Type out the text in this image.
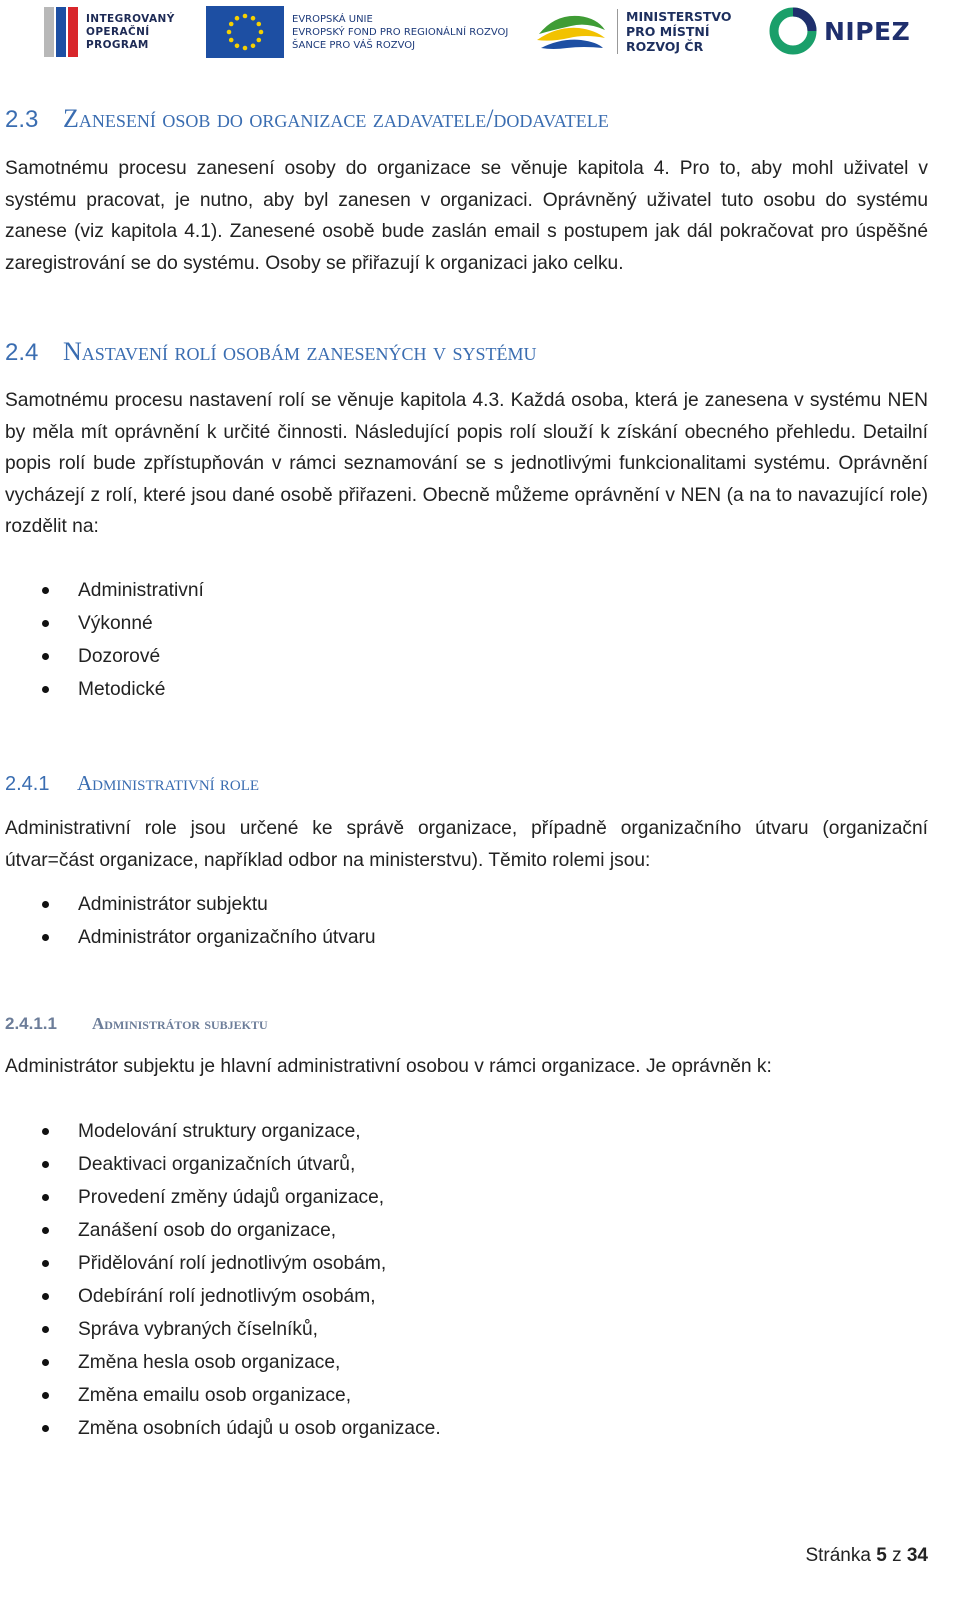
INTEGROVANÝ
OPERAČNÍ
PROGRAM
EVROPSKÁ UNIE
EVROPSKÝ FOND PRO REGIONÁLNÍ ROZVOJ
ŠANCE PRO VÁŠ ROZVOJ
MINISTERSTVO
PRO MÍSTNÍ
ROZVOJ ČR
NIPEZ
2.3 Zanesení osob do organizace zadavatele/dodavatele
Samotnému procesu zanesení osoby do organizace se věnuje kapitola 4. Pro to, aby mohl uživatel v systému pracovat, je nutno, aby byl zanesen v organizaci. Oprávněný uživatel tuto osobu do systému zanese (viz kapitola 4.1). Zanesené osobě bude zaslán email s postupem jak dál pokračovat pro úspěšné zaregistrování se do systému. Osoby se přiřazují k organizaci jako celku.
2.4 Nastavení rolí osobám zanesených v systému
Samotnému procesu nastavení rolí se věnuje kapitola 4.3. Každá osoba, která je zanesena v systému NEN by měla mít oprávnění k určité činnosti. Následující popis rolí slouží k získání obecného přehledu. Detailní popis rolí bude zpřístupňován v rámci seznamování se s jednotlivými funkcionalitami systému. Oprávnění vycházejí z rolí, které jsou dané osobě přiřazeni. Obecně můžeme oprávnění v NEN (a na to navazující role) rozdělit na:
Administrativní
Výkonné
Dozorové
Metodické
2.4.1 Administrativní role
Administrativní role jsou určené ke správě organizace, případně organizačního útvaru (organizační útvar=část organizace, například odbor na ministerstvu). Těmito rolemi jsou:
Administrátor subjektu
Administrátor organizačního útvaru
2.4.1.1 Administrátor subjektu
Administrátor subjektu je hlavní administrativní osobou v rámci organizace. Je oprávněn k:
Modelování struktury organizace,
Deaktivaci organizačních útvarů,
Provedení změny údajů organizace,
Zanášení osob do organizace,
Přidělování rolí jednotlivým osobám,
Odebírání rolí jednotlivým osobám,
Správa vybraných číselníků,
Změna hesla osob organizace,
Změna emailu osob organizace,
Změna osobních údajů u osob organizace.
Stránka 5 z 34
